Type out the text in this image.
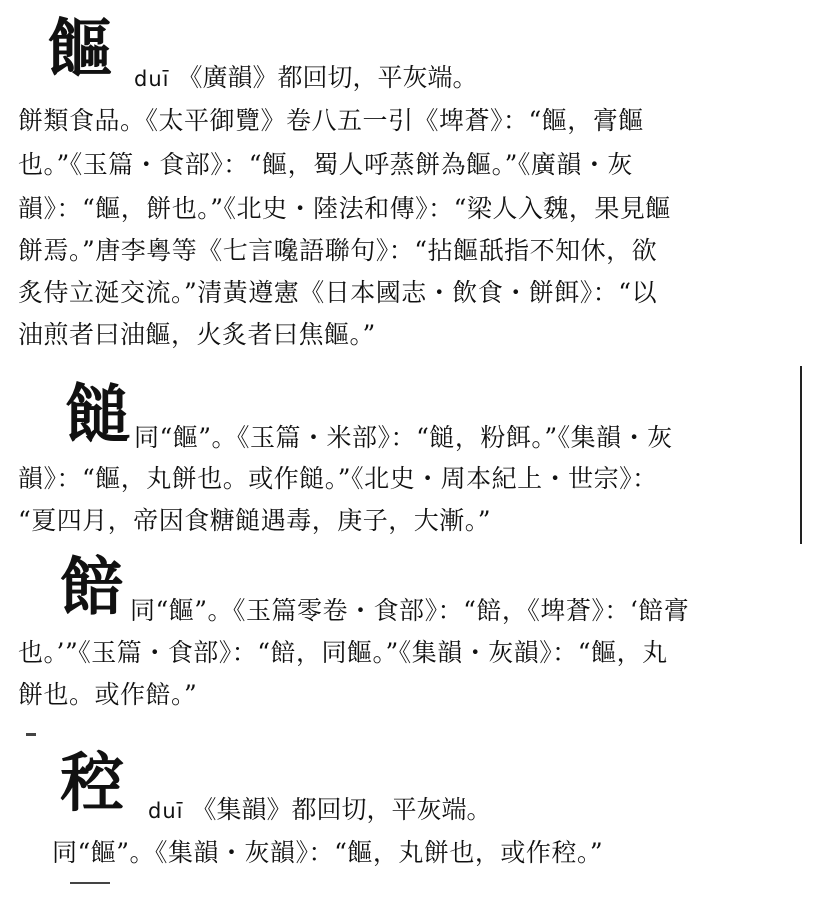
饇 duī 《廣韻》都回切，平灰端。
餅類食品。《太平御覽》卷八五一引《埤蒼》：“饇，膏饇
也。”《玉篇・食部》：“饇，蜀人呼蒸餅為饇。”《廣韻・灰
韻》：“饇，餅也。”《北史・陸法和傳》：“梁人入魏，果見饇
餅焉。”唐李粵等《七言嚵語聯句》：“拈饇舐指不知休，欲
炙侍立涎交流。”清黃遵憲《日本國志・飲食・餅餌》：“以
油煎者曰油饇，火炙者曰焦饇。”
䭔 同“饇”。《玉篇・米部》：“䭔，粉餌。”《集韻・灰
韻》：“饇，丸餅也。或作䭔。”《北史・周本紀上・世宗》：
“夏四月，帝因食糖䭔遇毒，庚子，大漸。”
餢 同“饇”。《玉篇零卷・食部》：“餢，《埤蒼》：‘餢膏
也。’”《玉篇・食部》：“餢，同饇。”《集韻・灰韻》：“饇，丸
餅也。或作餢。”
䅝 duī 《集韻》都回切，平灰端。
同“饇”。《集韻・灰韻》：“饇，丸餅也，或作䅝。”
